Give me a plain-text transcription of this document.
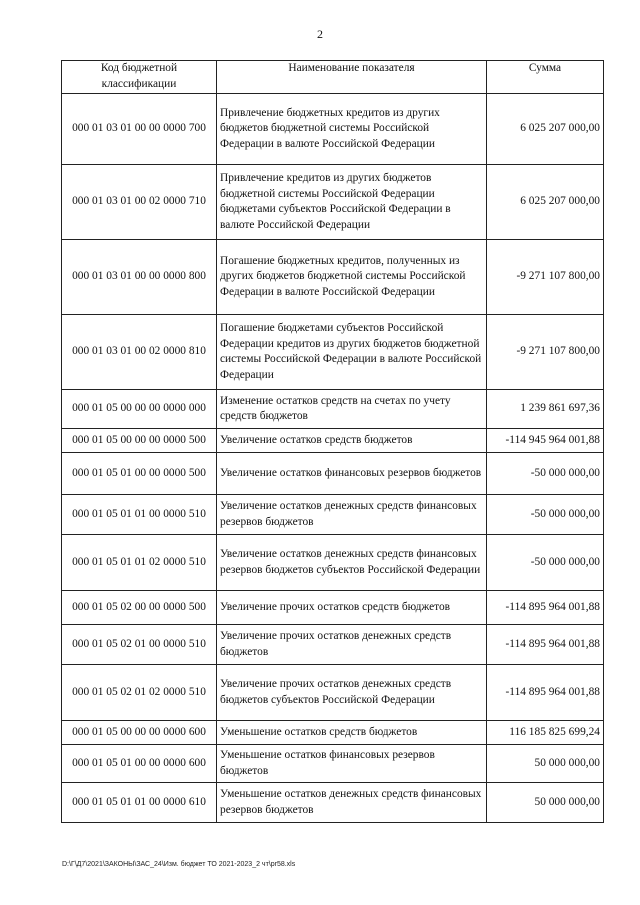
2
Код бюджетной классификации	Наименование показателя	Сумма
000 01 03 01 00 00 0000 700	Привлечение бюджетных кредитов из других бюджетов бюджетной системы Российской Федерации в валюте Российской Федерации	6 025 207 000,00
000 01 03 01 00 02 0000 710	Привлечение кредитов из других бюджетов бюджетной системы Российской Федерации бюджетами субъектов Российской Федерации в валюте Российской Федерации	6 025 207 000,00
000 01 03 01 00 00 0000 800	Погашение бюджетных кредитов, полученных из других бюджетов бюджетной системы Российской Федерации в валюте Российской Федерации	-9 271 107 800,00
000 01 03 01 00 02 0000 810	Погашение бюджетами субъектов Российской Федерации кредитов из других бюджетов бюджетной системы Российской Федерации в валюте Российской Федерации	-9 271 107 800,00
000 01 05 00 00 00 0000 000	Изменение остатков средств на счетах по учету средств бюджетов	1 239 861 697,36
000 01 05 00 00 00 0000 500	Увеличение остатков средств бюджетов	-114 945 964 001,88
000 01 05 01 00 00 0000 500	Увеличение остатков финансовых резервов бюджетов	-50 000 000,00
000 01 05 01 01 00 0000 510	Увеличение остатков денежных средств финансовых резервов бюджетов	-50 000 000,00
000 01 05 01 01 02 0000 510	Увеличение остатков денежных средств финансовых резервов бюджетов субъектов Российской Федерации	-50 000 000,00
000 01 05 02 00 00 0000 500	Увеличение прочих остатков средств бюджетов	-114 895 964 001,88
000 01 05 02 01 00 0000 510	Увеличение прочих остатков денежных средств бюджетов	-114 895 964 001,88
000 01 05 02 01 02 0000 510	Увеличение прочих остатков денежных средств бюджетов субъектов Российской Федерации	-114 895 964 001,88
000 01 05 00 00 00 0000 600	Уменьшение остатков средств бюджетов	116 185 825 699,24
000 01 05 01 00 00 0000 600	Уменьшение остатков финансовых резервов бюджетов	50 000 000,00
000 01 05 01 01 00 0000 610	Уменьшение остатков денежных средств финансовых резервов бюджетов	50 000 000,00
D:\Г\Д7\2021\ЗАКОНЫ\ЗАС_24\Изм. бюджет ТО 2021-2023_2 чт\pr58.xls
